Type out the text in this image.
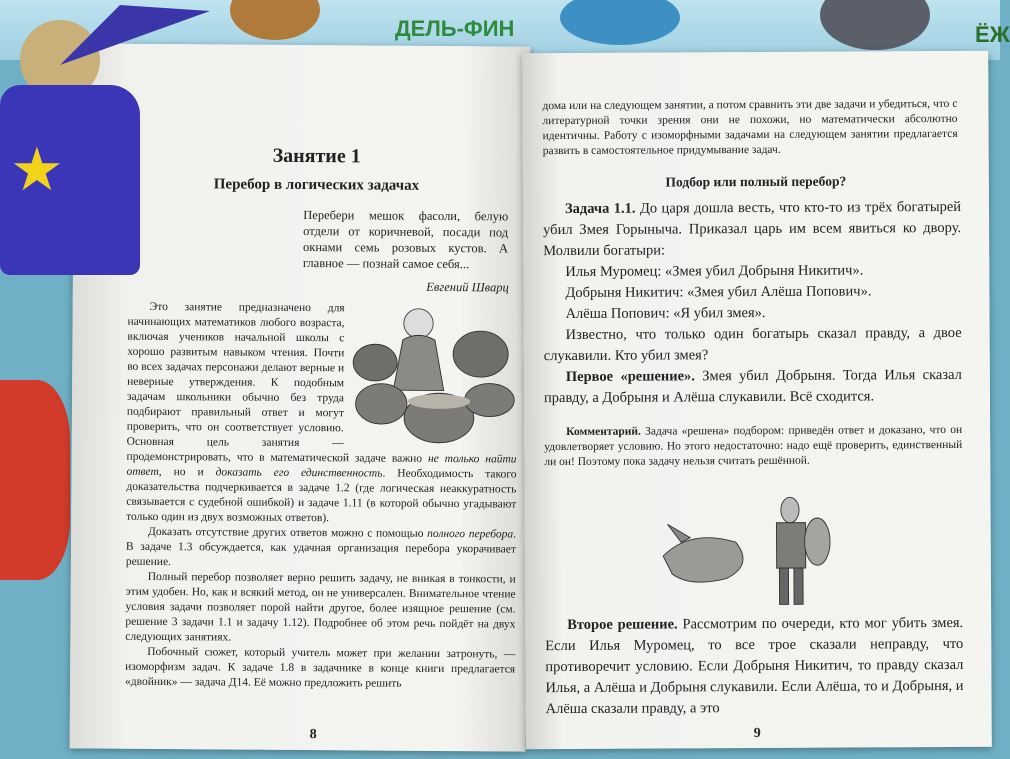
ДЕЛЬ-ФИН	ЁЖ
Занятие 1
Перебор в логических задачах
Перебери мешок фасоли, белую отдели от коричневой, посади под окнами семь розовых кустов. А главное — познай самое себя...
Евгений Шварц

Это занятие предназначено для начинающих математиков любого возраста, включая учеников начальной школы с хорошо развитым навыком чтения. Почти во всех задачах персонажи делают верные и неверные утверждения. К подобным задачам школьники обычно без труда подбирают правильный ответ и могут проверить, что он соответствует условию. Основная цель занятия — продемонстрировать, что в математической задаче важно не только найти ответ, но и доказать его единственность. Необходимость такого доказательства подчеркивается в задаче 1.2 (где логическая неаккуратность связывается с судебной ошибкой) и задаче 1.11 (в которой обычно угадывают только один из двух возможных ответов).

Доказать отсутствие других ответов можно с помощью полного перебора. В задаче 1.3 обсуждается, как удачная организация перебора укорачивает решение.

Полный перебор позволяет верно решить задачу, не вникая в тонкости, и этим удобен. Но, как и всякий метод, он не универсален. Внимательное чтение условия задачи позволяет порой найти другое, более изящное решение (см. решение 3 задачи 1.1 и задачу 1.12). Подробнее об этом речь пойдёт на двух следующих занятиях.

Побочный сюжет, который учитель может при желании затронуть, — изоморфизм задач. К задаче 1.8 в задачнике в конце книги предлагается «двойник» — задача Д14. Её можно предложить решить

8
дома или на следующем занятии, а потом сравнить эти две задачи и убедиться, что с литературной точки зрения они не похожи, но математически абсолютно идентичны. Работу с изоморфными задачами на следующем занятии предлагается развить в самостоятельное придумывание задач.
Подбор или полный перебор?

Задача 1.1. До царя дошла весть, что кто-то из трёх богатырей убил Змея Горыныча. Приказал царь им всем явиться ко двору. Молвили богатыри:

Илья Муромец: «Змея убил Добрыня Никитич».

Добрыня Никитич: «Змея убил Алёша Попович».

Алёша Попович: «Я убил змея».

Известно, что только один богатырь сказал правду, а двое слукавили. Кто убил змея?

Первое «решение». Змея убил Добрыня. Тогда Илья сказал правду, а Добрыня и Алёша слукавили. Всё сходится.

Комментарий. Задача «решена» подбором: приведён ответ и доказано, что он удовлетворяет условию. Но этого недостаточно: надо ещё проверить, единственный ли он! Поэтому пока задачу нельзя считать решённой.

Второе решение. Рассмотрим по очереди, кто мог убить змея. Если Илья Муромец, то все трое сказали неправду, что противоречит условию. Если Добрыня Никитич, то правду сказал Илья, а Алёша и Добрыня слукавили. Если Алёша, то и Добрыня, и Алёша сказали правду, а это

9
★
